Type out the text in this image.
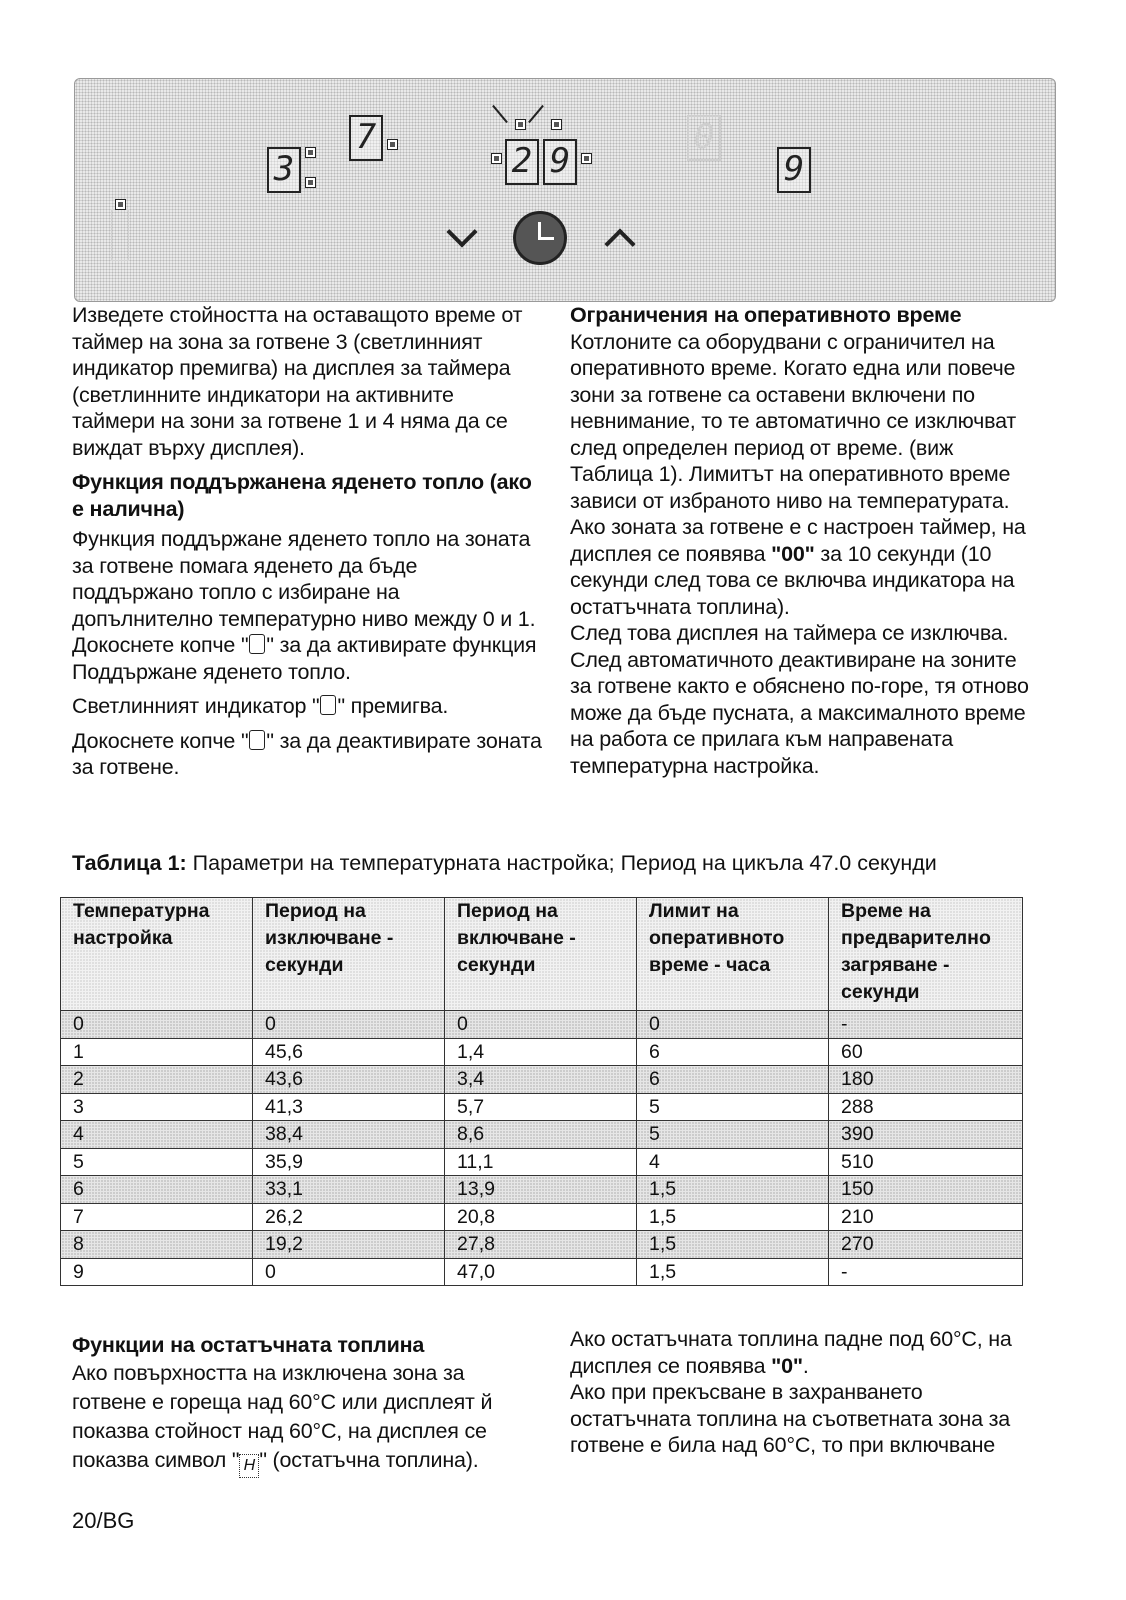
3
7
2 9
0
9

Изведете стойността на оставащото време от таймер на зона за готвене 3 (светлинният индикатор премигва) на дисплея за таймера (светлинните индикатори на активните таймери на зони за готвене 1 и 4 няма да се виждат върху дисплея).

Функция поддържанена яденето топло (ако е налична)

Функция поддържане яденето топло на зоната за готвене помага яденето да бъде поддържано топло с избиране на допълнително температурно ниво между 0 и 1. Докоснете копче " " за да активирате функция Поддържане яденето топло.

Светлинният индикатор " " премигва.

Докоснете копче " " за да деактивирате зоната за готвене.

Ограничения на оперативното време

Котлоните са оборудвани с ограничител на оперативното време. Когато една или повече зони за готвене са оставени включени по невнимание, то те автоматично се изключват след определен период от време. (виж Таблица 1). Лимитът на оперативното време зависи от избраното ниво на температурата. Ако зоната за готвене е с настроен таймер, на дисплея се появява "00" за 10 секунди (10 секунди след това се включва индикатора на остатъчната топлина).

След това дисплея на таймера се изключва.

След автоматичното деактивиране на зоните за готвене както е обяснено по-горе, тя отново може да бъде пусната, а максималното време на работа се прилага към направената температурна настройка.

Таблица 1: Параметри на температурната настройка; Период на цикъла 47.0 секунди
Температурна настройка	Период на изключване - секунди	Период на включване - секунди	Лимит на оперативното време - часа	Време на предварително загряване - секунди
0	0	0	0	-
1	45,6	1,4	6	60
2	43,6	3,4	6	180
3	41,3	5,7	5	288
4	38,4	8,6	5	390
5	35,9	11,1	4	510
6	33,1	13,9	1,5	150
7	26,2	20,8	1,5	210
8	19,2	27,8	1,5	270
9	0	47,0	1,5	-
Функции на остатъчната топлина

Ако повърхността на изключена зона за готвене е гореща над 60°C или дисплеят й показва стойност над 60°C, на дисплея се показва символ " H " (остатъчна топлина).

Ако остатъчната топлина падне под 60°C, на дисплея се появява "0".

Ако при прекъсване в захранването остатъчната топлина на съответната зона за готвене е била над 60°C, то при включване

20/BG
